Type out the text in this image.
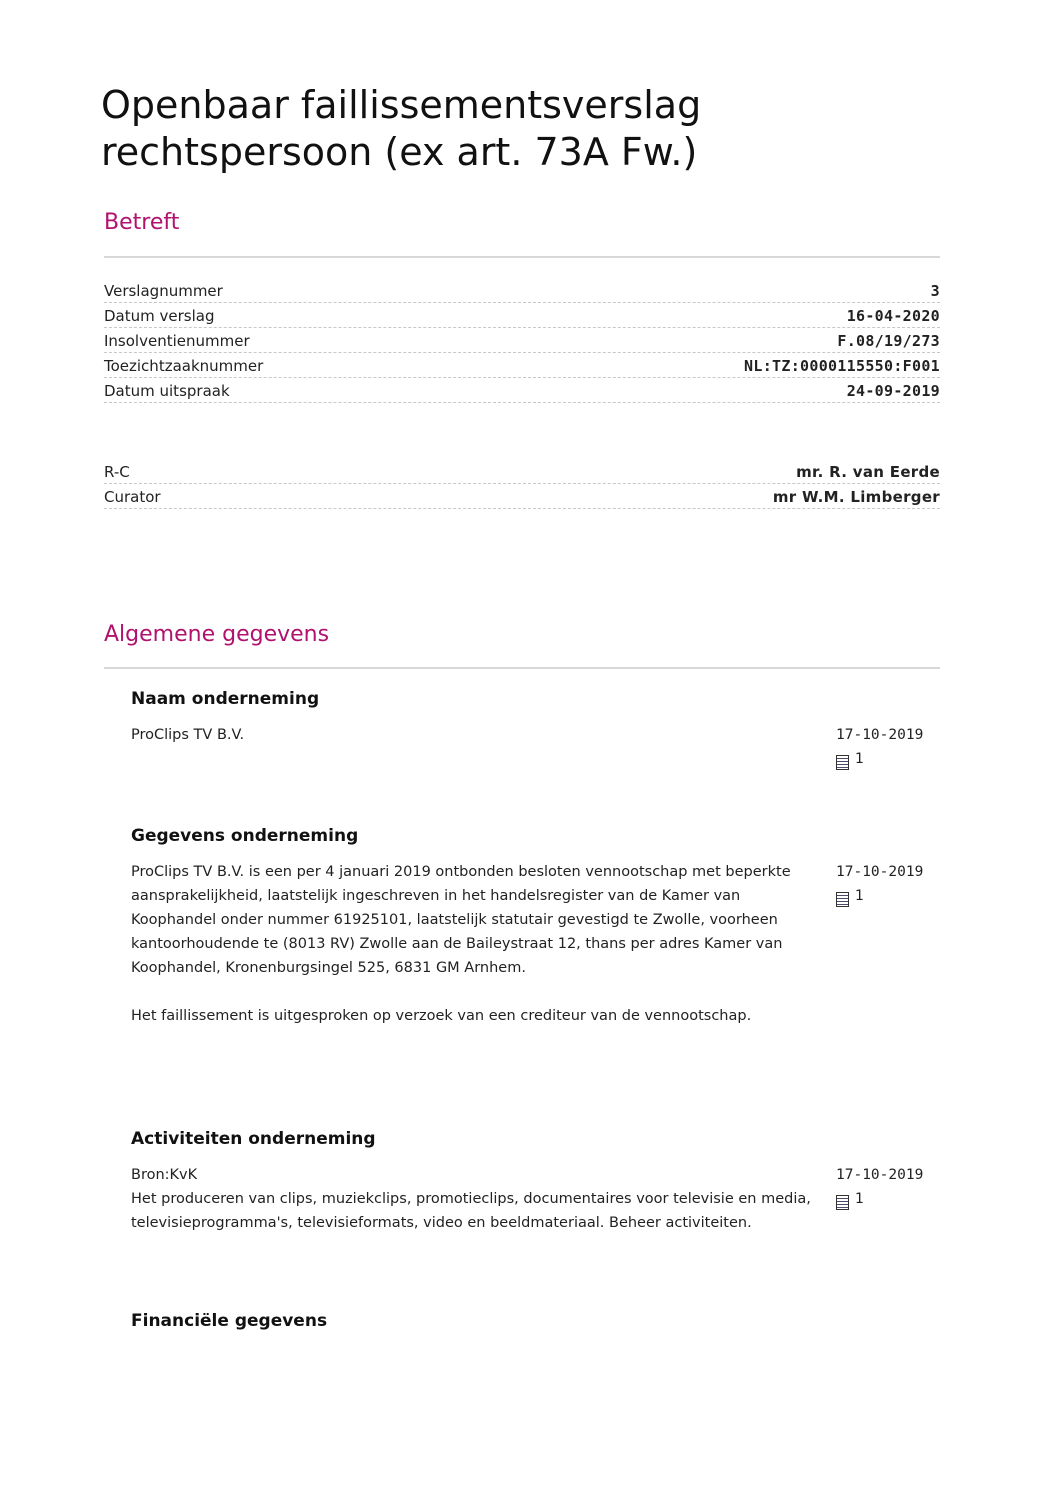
Openbaar faillissementsverslag
rechtspersoon (ex art. 73A Fw.)
Betreft
Verslagnummer	3
Datum verslag	16-04-2020
Insolventienummer	F.08/19/273
Toezichtzaaknummer	NL:TZ:0000115550:F001
Datum uitspraak	24-09-2019
R-C	mr. R. van Eerde
Curator	mr W.M. Limberger
Algemene gegevens
Naam onderneming

ProClips TV B.V.	17-10-2019
1
Gegevens onderneming

ProClips TV B.V. is een per 4 januari 2019 ontbonden besloten vennootschap met beperkte aansprakelijkheid, laatstelijk ingeschreven in het handelsregister van de Kamer van Koophandel onder nummer 61925101, laatstelijk statutair gevestigd te Zwolle, voorheen kantoorhoudende te (8013 RV) Zwolle aan de Baileystraat 12, thans per adres Kamer van Koophandel, Kronenburgsingel 525, 6831 GM Arnhem.

Het faillissement is uitgesproken op verzoek van een crediteur van de vennootschap.

17-10-2019
1
Activiteiten onderneming
Bron:KvK
Het produceren van clips, muziekclips, promotieclips, documentaires voor televisie en media, televisieprogramma's, televisieformats, video en beeldmateriaal. Beheer activiteiten.
17-10-2019
1
Financiële gegevens
